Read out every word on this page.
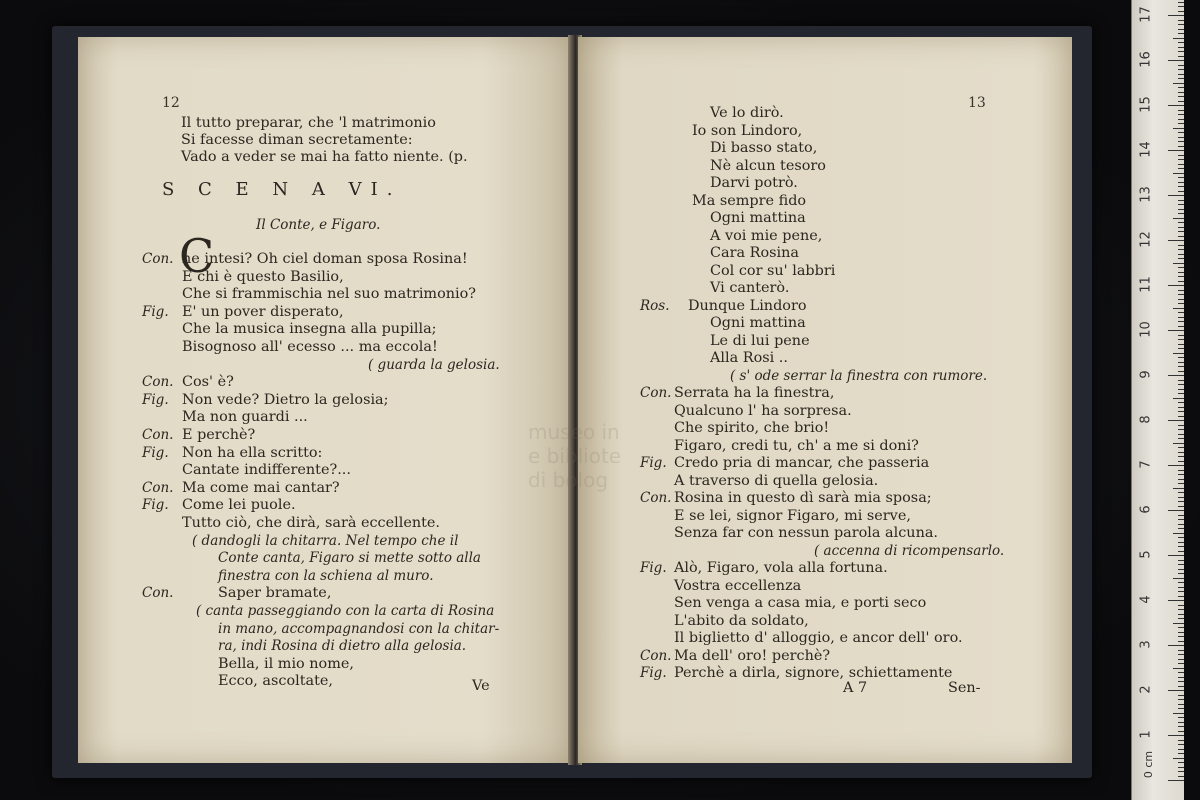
12
Il tutto preparar, che 'l matrimonio
Si facesse diman secretamente:
Vado a veder se mai ha fatto niente. (p.
S C E N A VI.
Il Conte, e Figaro.
C
Con. he intesi? Oh ciel doman sposa Rosina!
E chi è questo Basilio,
Che si frammischia nel suo matrimonio?
Fig. E' un pover disperato,
Che la musica insegna alla pupilla;
Bisognoso all' ecesso ... ma eccola!
( guarda la gelosia.
Con. Cos' è?
Fig. Non vede? Dietro la gelosia;
Ma non guardi ...
Con. E perchè?
Fig. Non ha ella scritto:
Cantate indifferente?...
Con. Ma come mai cantar?
Fig. Come lei puole.
Tutto ciò, che dirà, sarà eccellente.
( dandogli la chitarra. Nel tempo che il
Conte canta, Figaro si mette sotto alla
finestra con la schiena al muro.
Con.	Saper bramate,
( canta passeggiando con la carta di Rosina
in mano, accompagnandosi con la chitar-
ra, indi Rosina di dietro alla gelosia.
Bella, il mio nome,
Ecco, ascoltate,	Ve
13
Ve lo dirò.
Io son Lindoro,
Di basso stato,
Nè alcun tesoro
Darvi potrò.
Ma sempre fido
Ogni mattina
A voi mie pene,
Cara Rosina
Col cor su' labbri
Vi canterò.
Ros. Dunque Lindoro
Ogni mattina
Le di lui pene
Alla Rosi ..
( s' ode serrar la finestra con rumore.
Con. Serrata ha la finestra,
Qualcuno l' ha sorpresa.
Che spirito, che brio!
Figaro, credi tu, ch' a me si doni?
Fig. Credo pria di mancar, che passeria
A traverso di quella gelosia.
Con. Rosina in questo dì sarà mia sposa;
E se lei, signor Figaro, mi serve,
Senza far con nessun parola alcuna.
( accenna di ricompensarlo.
Fig. Alò, Figaro, vola alla fortuna.
Vostra eccellenza
Sen venga a casa mia, e porti seco
L'abito da soldato,
Il biglietto d' alloggio, e ancor dell' oro.
Con. Ma dell' oro! perchè?
Fig. Perchè a dirla, signore, schiettamente
A 7	Sen-
museo in
e bibliote
di bolog
1
2
3
4
5
6
7
8
9
10
11
12
13
14
15
16
17
0 cm
